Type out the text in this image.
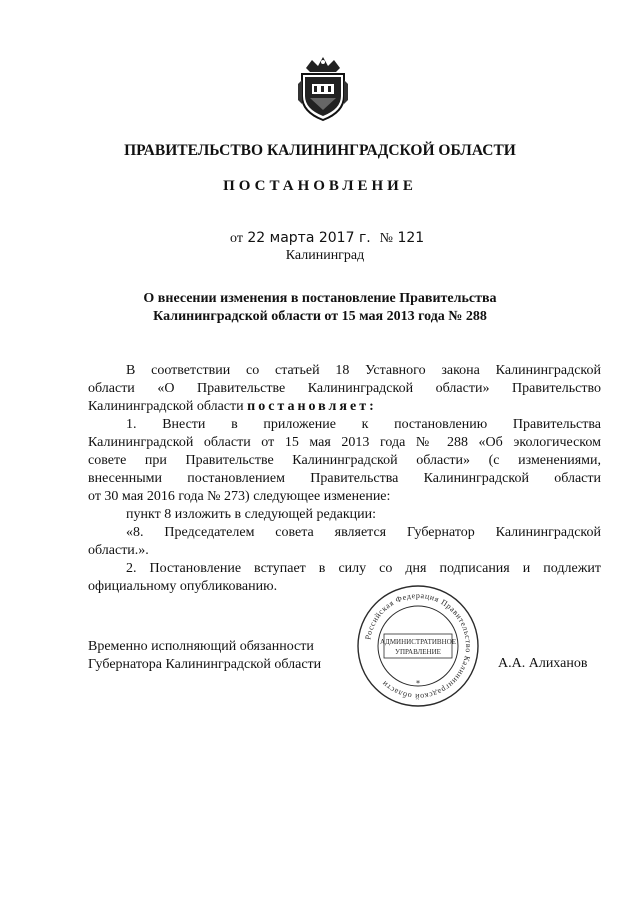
ПРАВИТЕЛЬСТВО КАЛИНИНГРАДСКОЙ ОБЛАСТИ
ПОСТАНОВЛЕНИЕ
от 22 марта 2017 г. № 121
Калининград
О внесении изменения в постановление Правительства
Калининградской области от 15 мая 2013 года № 288

В соответствии со статьей 18 Уставного закона Калининградской

области «О Правительстве Калининградской области» Правительство

Калининградской области постановляет:

1. Внести в приложение к постановлению Правительства

Калининградской области от 15 мая 2013 года № 288 «Об экологическом

совете при Правительстве Калининградской области» (с изменениями,

внесенными постановлением Правительства Калининградской области

от 30 мая 2016 года № 273) следующее изменение:

пункт 8 изложить в следующей редакции:

«8. Председателем совета является Губернатор Калининградской

области.».

2. Постановление вступает в силу со дня подписания и подлежит

официальному опубликованию.

Временно исполняющий обязанности
Губернатора Калининградской области
Российская Федерация Правительство Калининградской области
АДМИНИСТРАТИВНОЕ
УПРАВЛЕНИЕ
*
А.А. Алиханов
